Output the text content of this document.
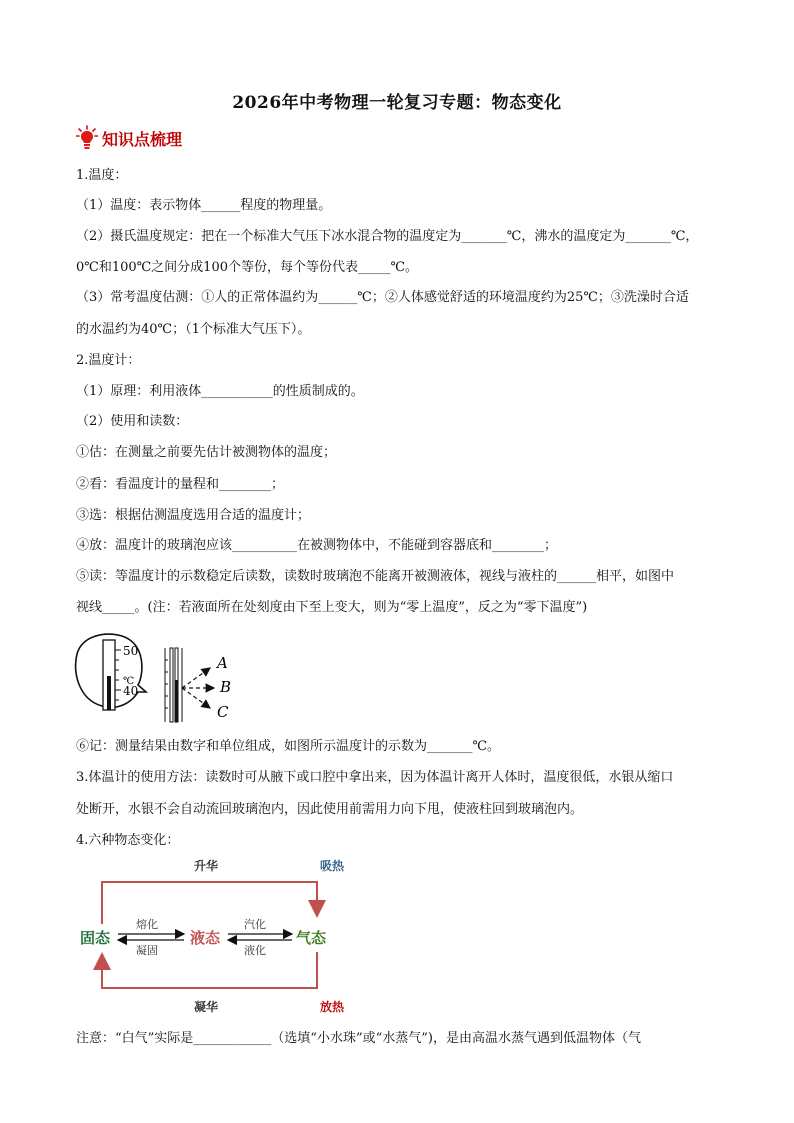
2026年中考物理一轮复习专题：物态变化
知识点梳理
1.温度：
（1）温度：表示物体______程度的物理量。
（2）摄氏温度规定：把在一个标准大气压下冰水混合物的温度定为_______℃，沸水的温度定为_______℃，
0℃和100℃之间分成100个等份，每个等份代表_____℃。
（3）常考温度估测：①人的正常体温约为______℃；②人体感觉舒适的环境温度约为25℃；③洗澡时合适
的水温约为40℃；（1个标准大气压下）。
2.温度计：
（1）原理：利用液体___________的性质制成的。
（2）使用和读数：
①估：在测量之前要先估计被测物体的温度；
②看：看温度计的量程和________；
③选：根据估测温度选用合适的温度计；
④放：温度计的玻璃泡应该__________在被测物体中，不能碰到容器底和________；
⑤读：等温度计的示数稳定后读数，读数时玻璃泡不能离开被测液体，视线与液柱的______相平，如图中
视线_____。(注：若液面所在处刻度由下至上变大，则为“零上温度”，反之为“零下温度”)
50
℃
40
A
B
C
⑥记：测量结果由数字和单位组成，如图所示温度计的示数为_______℃。
3.体温计的使用方法：读数时可从腋下或口腔中拿出来，因为体温计离开人体时，温度很低，水银从缩口
处断开，水银不会自动流回玻璃泡内，因此使用前需用力向下甩，使液柱回到玻璃泡内。
4.六种物态变化：
升华	吸热
凝华	放热
固态	液态	气态
熔化
凝固
汽化
液化
注意：“白气”实际是____________（选填“小水珠”或“水蒸气”)，是由高温水蒸气遇到低温物体（气
